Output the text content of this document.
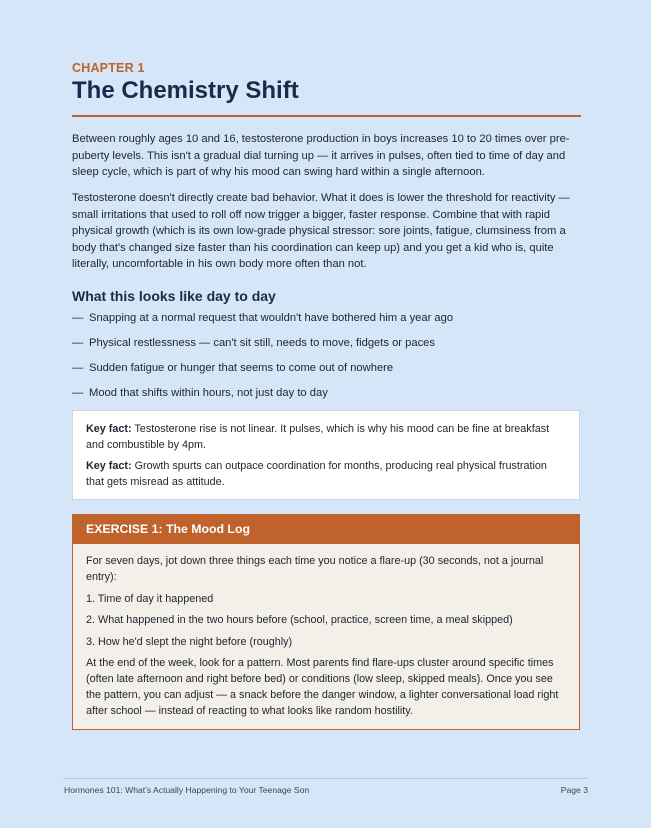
CHAPTER 1
The Chemistry Shift

Between roughly ages 10 and 16, testosterone production in boys increases 10 to 20 times over pre-puberty levels. This isn't a gradual dial turning up — it arrives in pulses, often tied to time of day and sleep cycle, which is part of why his mood can swing hard within a single afternoon.

Testosterone doesn't directly create bad behavior. What it does is lower the threshold for reactivity — small irritations that used to roll off now trigger a bigger, faster response. Combine that with rapid physical growth (which is its own low-grade physical stressor: sore joints, fatigue, clumsiness from a body that's changed size faster than his coordination can keep up) and you get a kid who is, quite literally, uncomfortable in his own body more often than not.

What this looks like day to day
— Snapping at a normal request that wouldn't have bothered him a year ago
— Physical restlessness — can't sit still, needs to move, fidgets or paces
— Sudden fatigue or hunger that seems to come out of nowhere
— Mood that shifts within hours, not just day to day

Key fact: Testosterone rise is not linear. It pulses, which is why his mood can be fine at breakfast and combustible by 4pm.

Key fact: Growth spurts can outpace coordination for months, producing real physical frustration that gets misread as attitude.

EXERCISE 1: The Mood Log

For seven days, jot down three things each time you notice a flare-up (30 seconds, not a journal entry):

1. Time of day it happened

2. What happened in the two hours before (school, practice, screen time, a meal skipped)

3. How he'd slept the night before (roughly)

At the end of the week, look for a pattern. Most parents find flare-ups cluster around specific times (often late afternoon and right before bed) or conditions (low sleep, skipped meals). Once you see the pattern, you can adjust — a snack before the danger window, a lighter conversational load right after school — instead of reacting to what looks like random hostility.

Hormones 101: What's Actually Happening to Your Teenage Son	Page 3
